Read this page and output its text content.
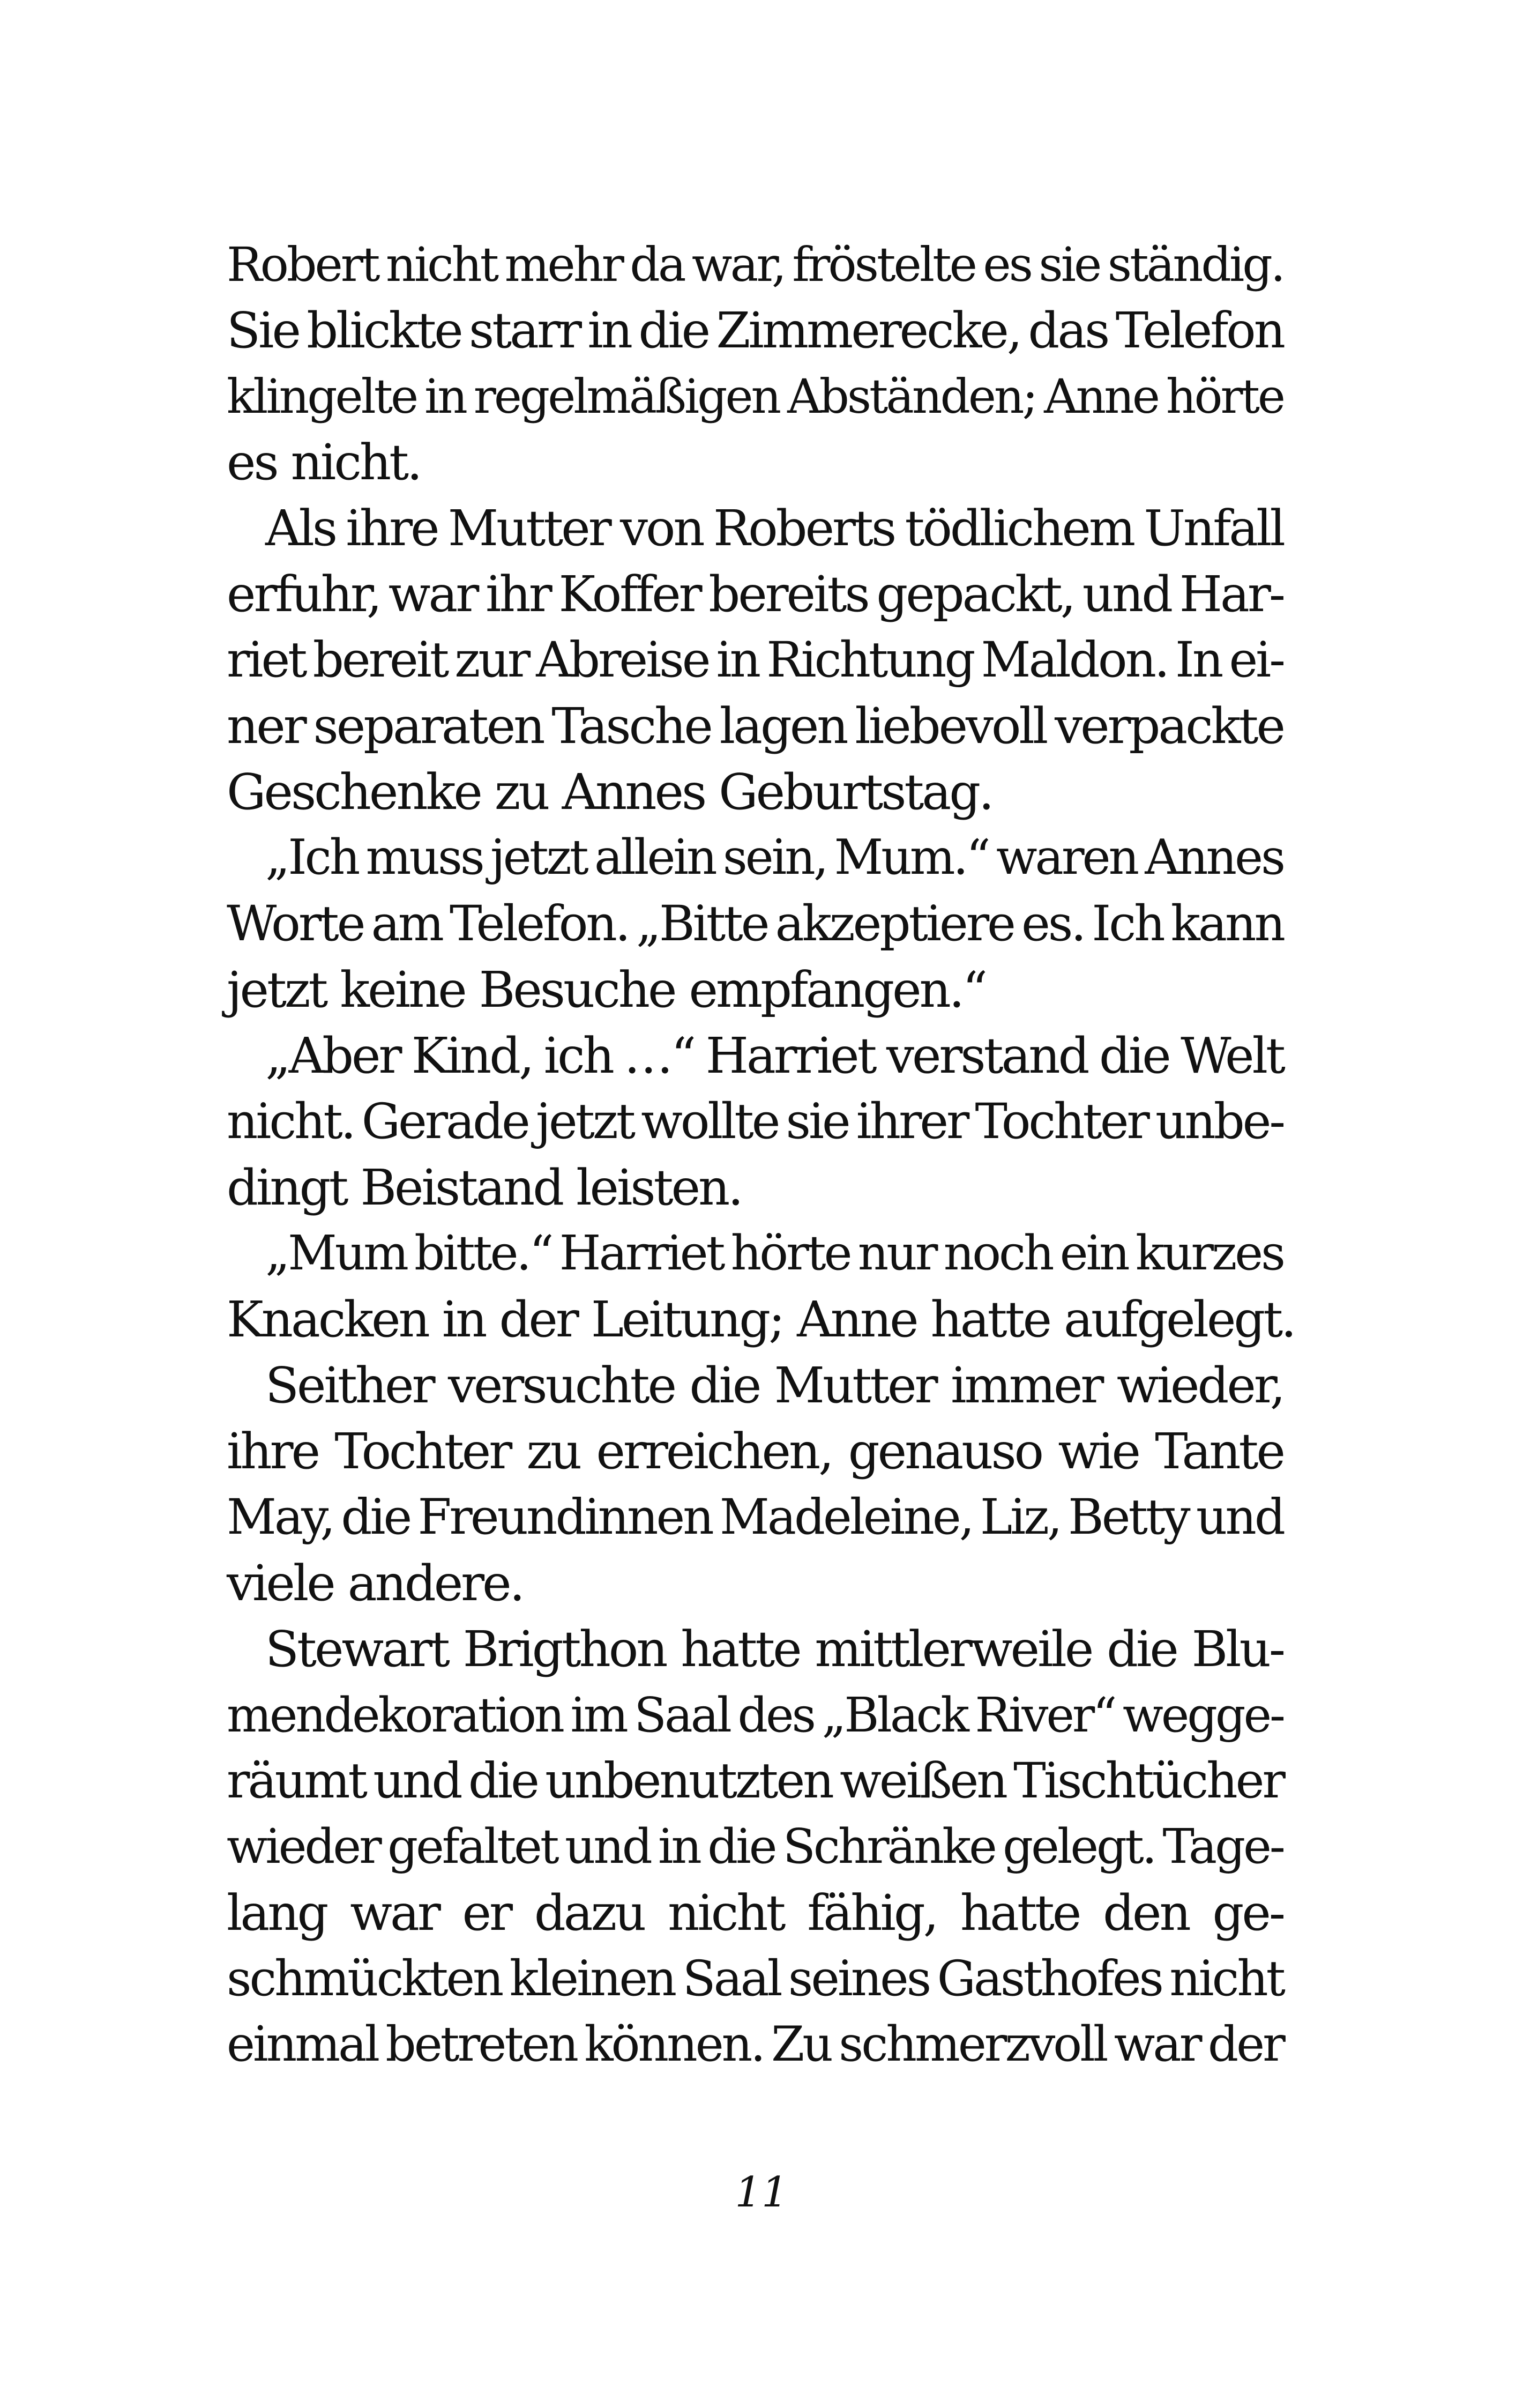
Robert nicht mehr da war, fröstelte es sie ständig.
Sie blickte starr in die Zimmerecke, das Telefon
klingelte in regelmäßigen Abständen; Anne hörte
es nicht.
Als ihre Mutter von Roberts tödlichem Unfall
erfuhr, war ihr Koffer bereits gepackt, und Har-
riet bereit zur Abreise in Richtung Maldon. In ei-
ner separaten Tasche lagen liebevoll verpackte
Geschenke zu Annes Geburtstag.
„Ich muss jetzt allein sein, Mum.“ waren Annes
Worte am Telefon. „Bitte akzeptiere es. Ich kann
jetzt keine Besuche empfangen.“
„Aber Kind, ich …“ Harriet verstand die Welt
nicht. Gerade jetzt wollte sie ihrer Tochter unbe-
dingt Beistand leisten.
„Mum bitte.“ Harriet hörte nur noch ein kurzes
Knacken in der Leitung; Anne hatte aufgelegt.
Seither versuchte die Mutter immer wieder,
ihre Tochter zu erreichen, genauso wie Tante
May, die Freundinnen Madeleine, Liz, Betty und
viele andere.
Stewart Brigthon hatte mittlerweile die Blu-
mendekoration im Saal des „Black River“ wegge-
räumt und die unbenutzten weißen Tischtücher
wieder gefaltet und in die Schränke gelegt. Tage-
lang war er dazu nicht fähig, hatte den ge-
schmückten kleinen Saal seines Gasthofes nicht
einmal betreten können. Zu schmerzvoll war der
11
